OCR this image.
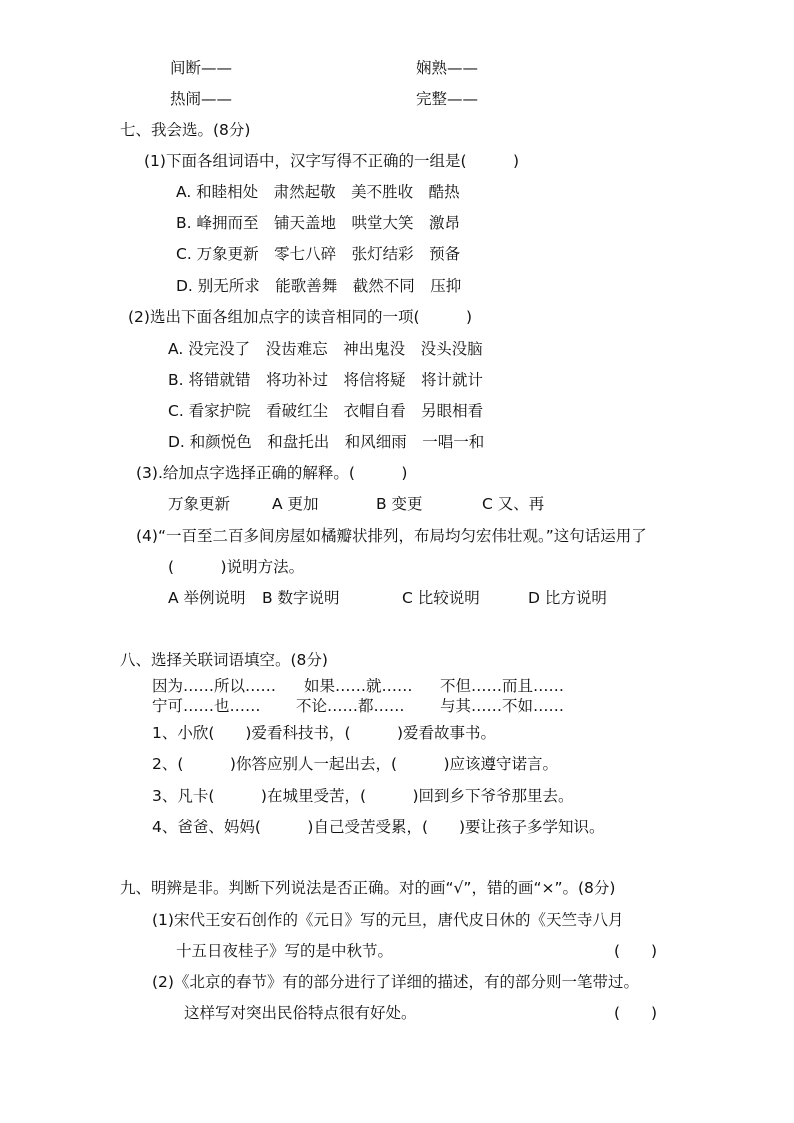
间断——	娴熟——
热闹——	完整——
七、我会选。(8分)
(1)下面各组词语中，汉字写得不正确的一组是(　　　)
A. 和睦相处　肃然起敬　美不胜收　酷热
B. 峰拥而至　铺天盖地　哄堂大笑　激昂
C. 万象更新　零七八碎　张灯结彩　预备
D. 别无所求　能歌善舞　截然不同　压抑
(2)选出下面各组加点字的读音相同的一项(　　　)
A. 没完没了　没齿难忘　神出鬼没　没头没脑
B. 将错就错　将功补过　将信将疑　将计就计
C. 看家护院　看破红尘　衣帽自看　另眼相看
D. 和颜悦色　和盘托出　和风细雨　一唱一和
(3).给加点字选择正确的解释。(　　　)
万象更新	A 更加	B 变更	C 又、再
(4)“一百至二百多间房屋如橘瓣状排列，布局均匀宏伟壮观。”这句话运用了
(　　　)说明方法。
A 举例说明 B 数字说明	C 比较说明	D 比方说明
八、选择关联词语填空。(8分)
因为……所以…… 如果……就…… 不但……而且……
宁可……也…… 不论……都…… 与其……不如……
1、小欣(　　)爱看科技书，(　　　)爱看故事书。
2、(　　　)你答应别人一起出去，(　　　)应该遵守诺言。
3、凡卡(　　　)在城里受苦，(　　　)回到乡下爷爷那里去。
4、爸爸、妈妈(　　　)自己受苦受累，(　　)要让孩子多学知识。
九、明辨是非。判断下列说法是否正确。对的画“√”，错的画“×”。(8分)
(1)宋代王安石创作的《元日》写的元旦，唐代皮日休的《天竺寺八月
十五日夜桂子》写的是中秋节。	(　　)
(2)《北京的春节》有的部分进行了详细的描述，有的部分则一笔带过。
这样写对突出民俗特点很有好处。	(　　)
